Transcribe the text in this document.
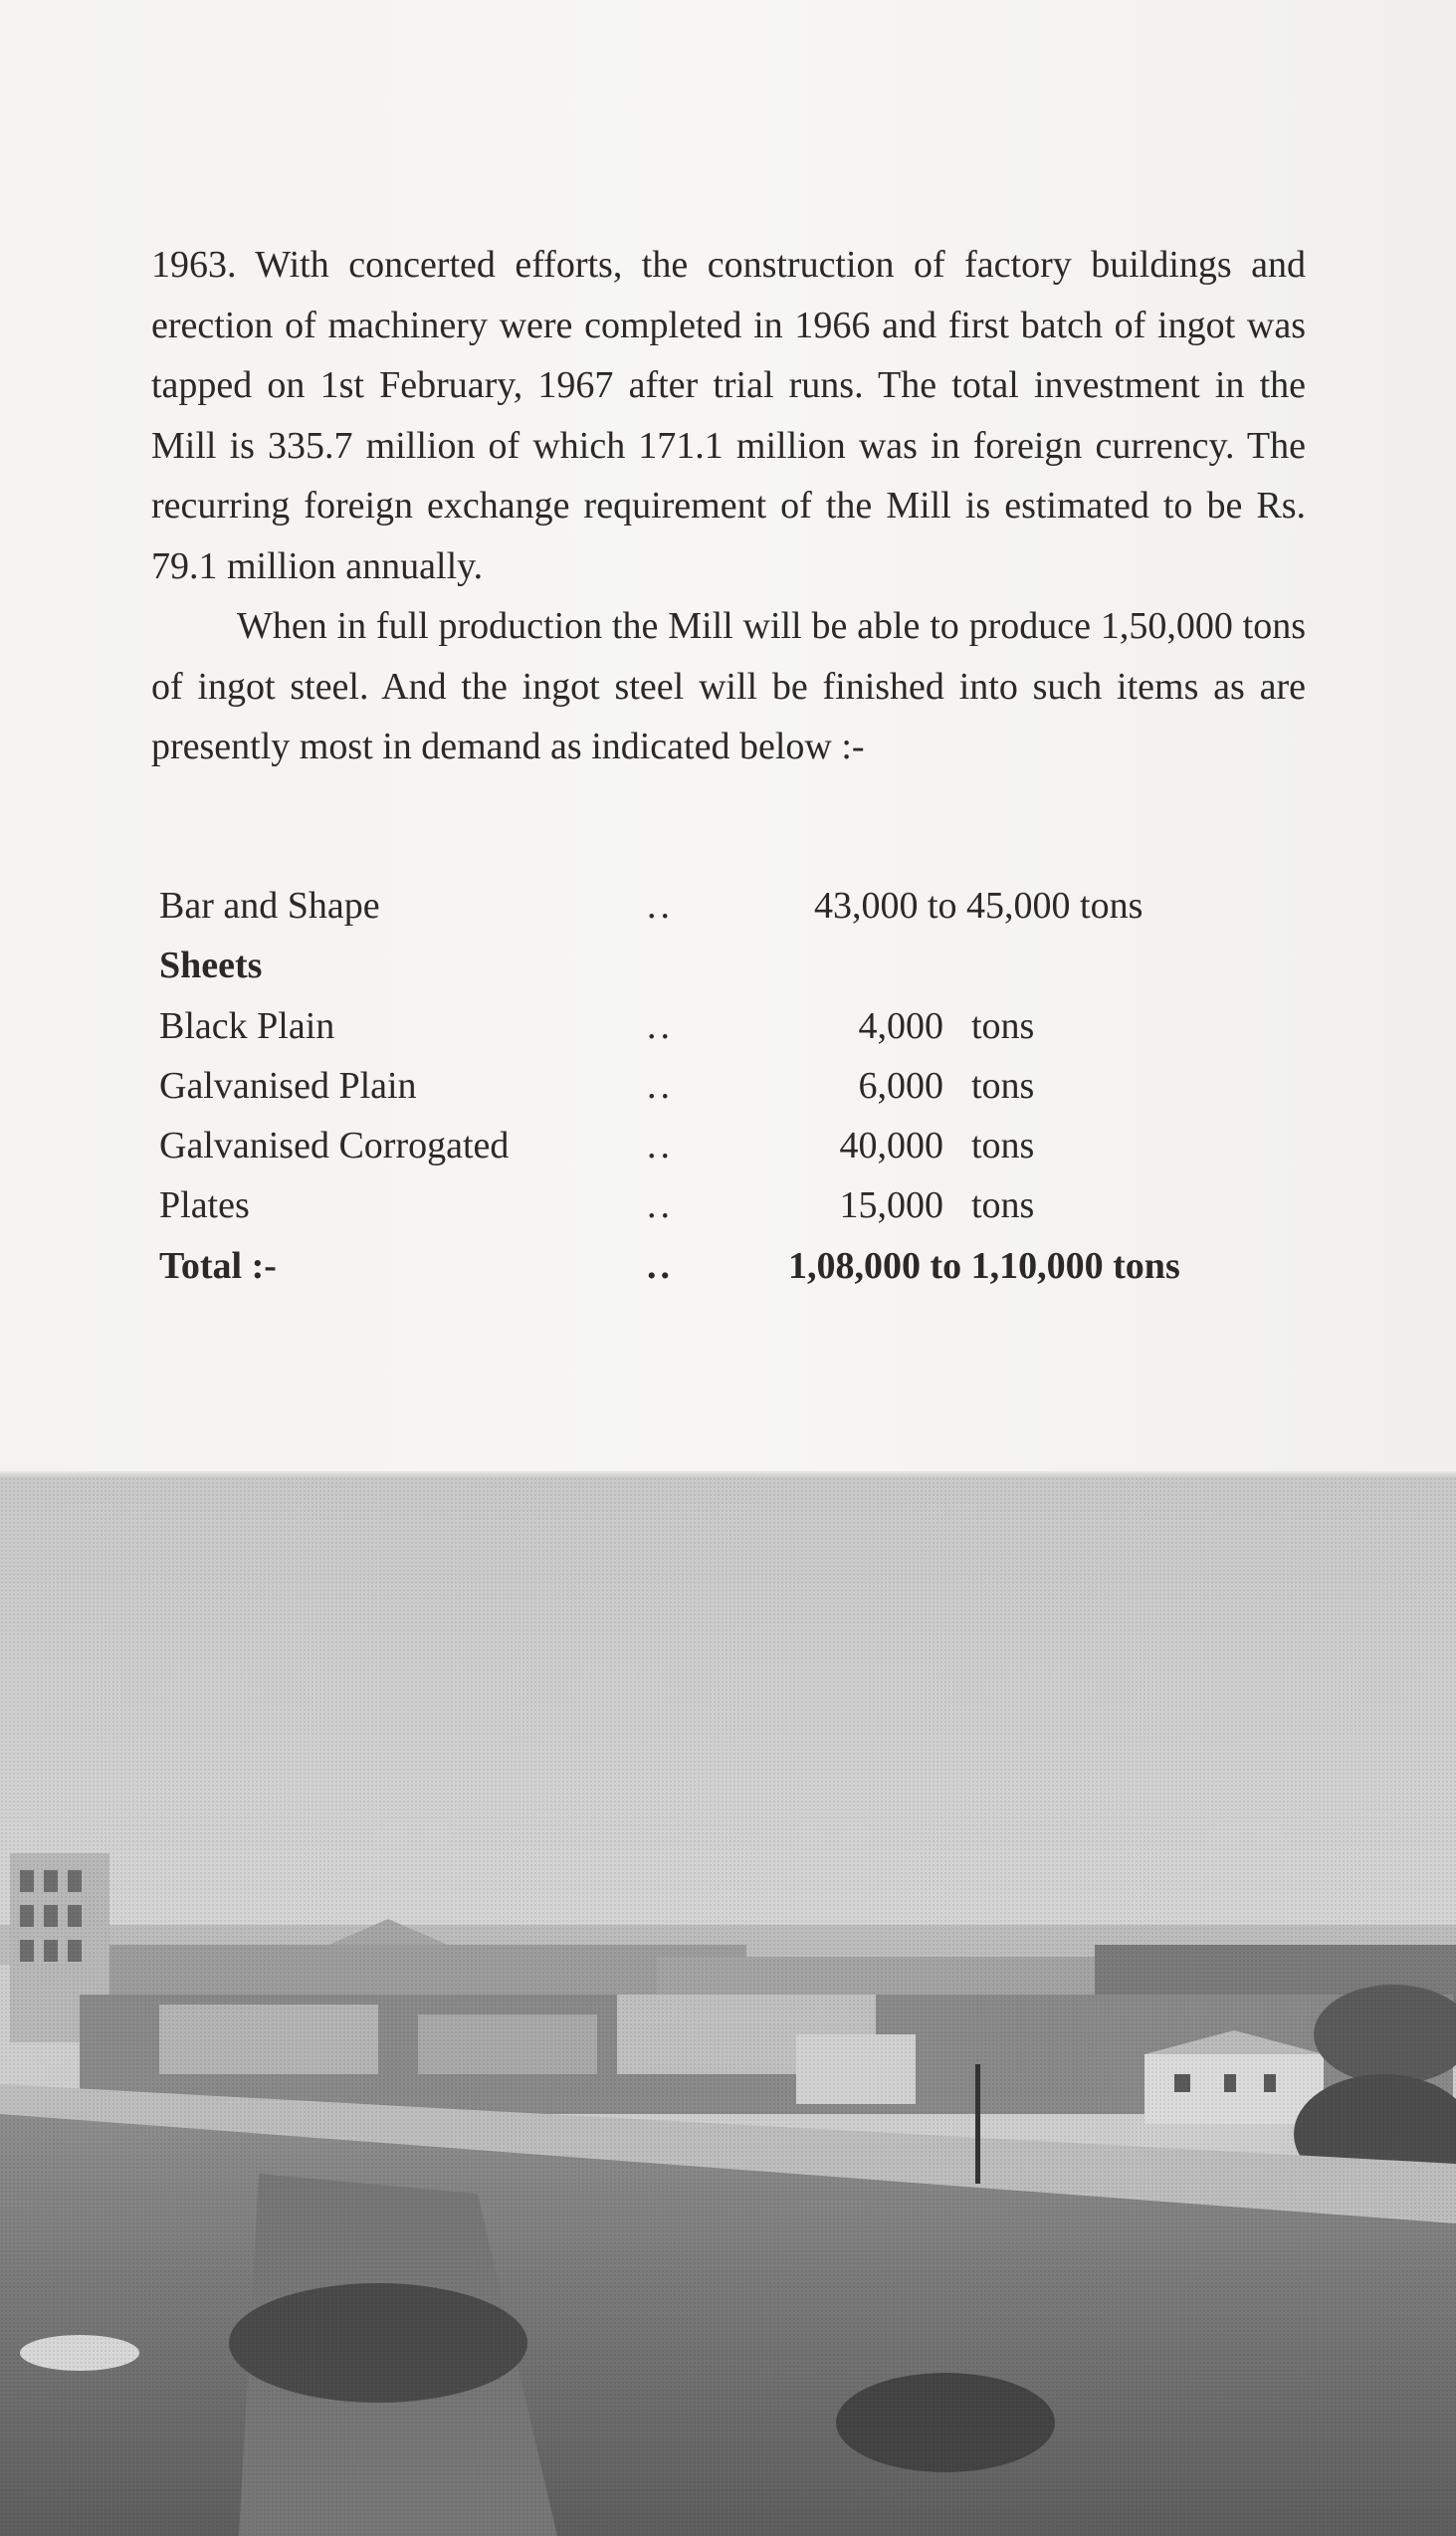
1963. With concerted efforts, the construction of factory buildings and erection of machinery were completed in 1966 and first batch of ingot was tapped on 1st February, 1967 after trial runs. The total investment in the Mill is 335.7 million of which 171.1 million was in foreign currency. The recurring foreign exchange requirement of the Mill is estimated to be Rs. 79.1 million annually.

When in full production the Mill will be able to produce 1,50,000 tons of ingot steel. And the ingot steel will be finished into such items as are presently most in demand as indicated below :-

Bar and Shape	..	43,000 to 45,000 tons
Sheets
Black Plain	..	4,000 tons
Galvanised Plain	..	6,000 tons
Galvanised Corrogated	..	40,000 tons
Plates	..	15,000 tons
Total :-	..	1,08,000 to 1,10,000 tons
